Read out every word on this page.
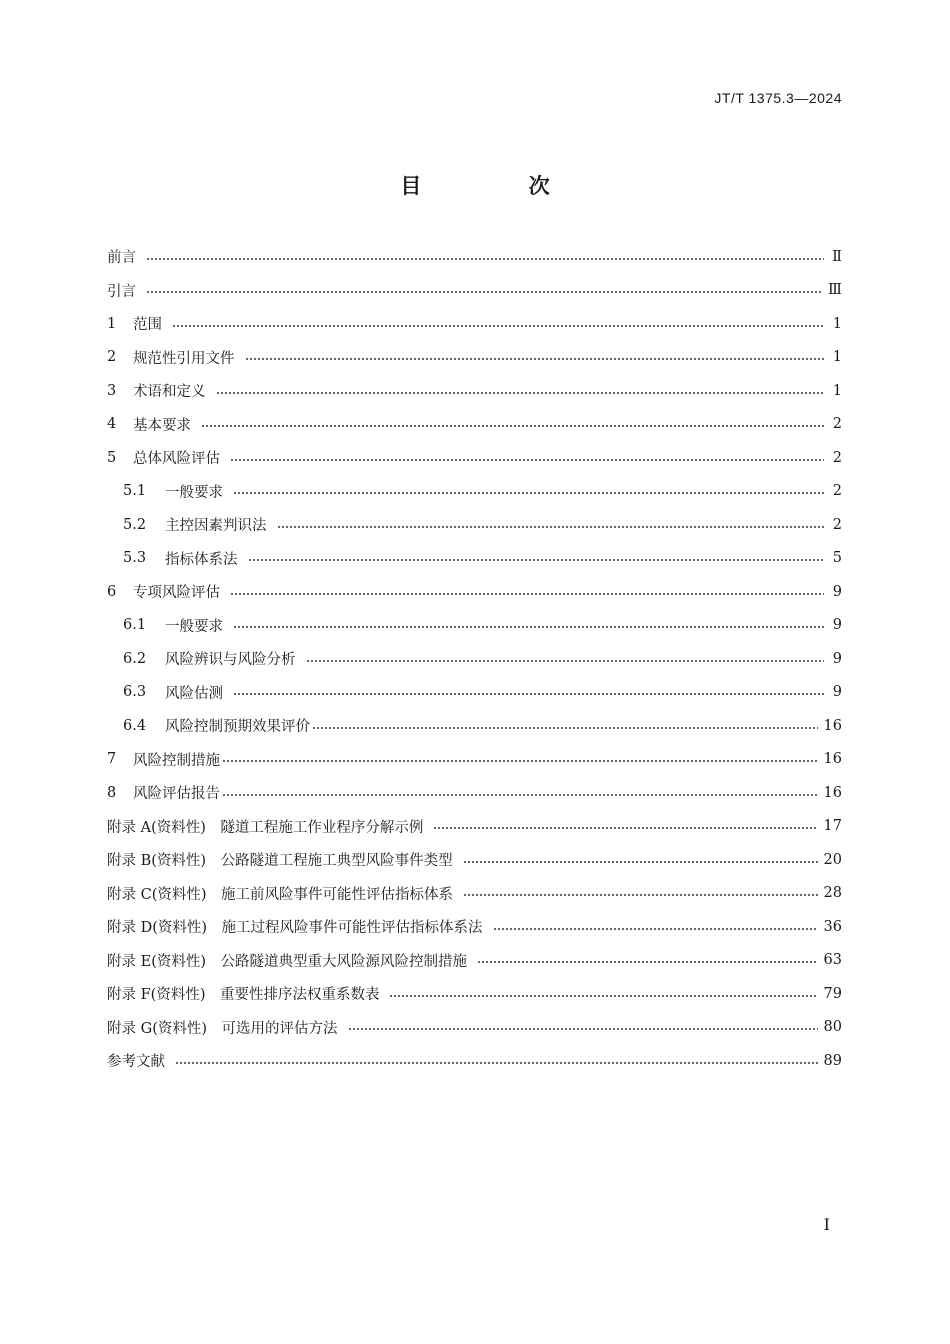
JT/T 1375.3—2024
目 次
前言	Ⅱ
引言	Ⅲ
1	范围	1
2	规范性引用文件	1
3	术语和定义	1
4	基本要求	2
5	总体风险评估	2
5.1	一般要求	2
5.2	主控因素判识法	2
5.3	指标体系法	5
6	专项风险评估	9
6.1	一般要求	9
6.2	风险辨识与风险分析	9
6.3	风险估测	9
6.4	风险控制预期效果评价	16
7	风险控制措施	16
8	风险评估报告	16
附录 A(资料性)　隧道工程施工作业程序分解示例	17
附录 B(资料性)　公路隧道工程施工典型风险事件类型	20
附录 C(资料性)　施工前风险事件可能性评估指标体系	28
附录 D(资料性)　施工过程风险事件可能性评估指标体系法	36
附录 E(资料性)　公路隧道典型重大风险源风险控制措施	63
附录 F(资料性)　重要性排序法权重系数表	79
附录 G(资料性)　可选用的评估方法	80
参考文献	89
I
